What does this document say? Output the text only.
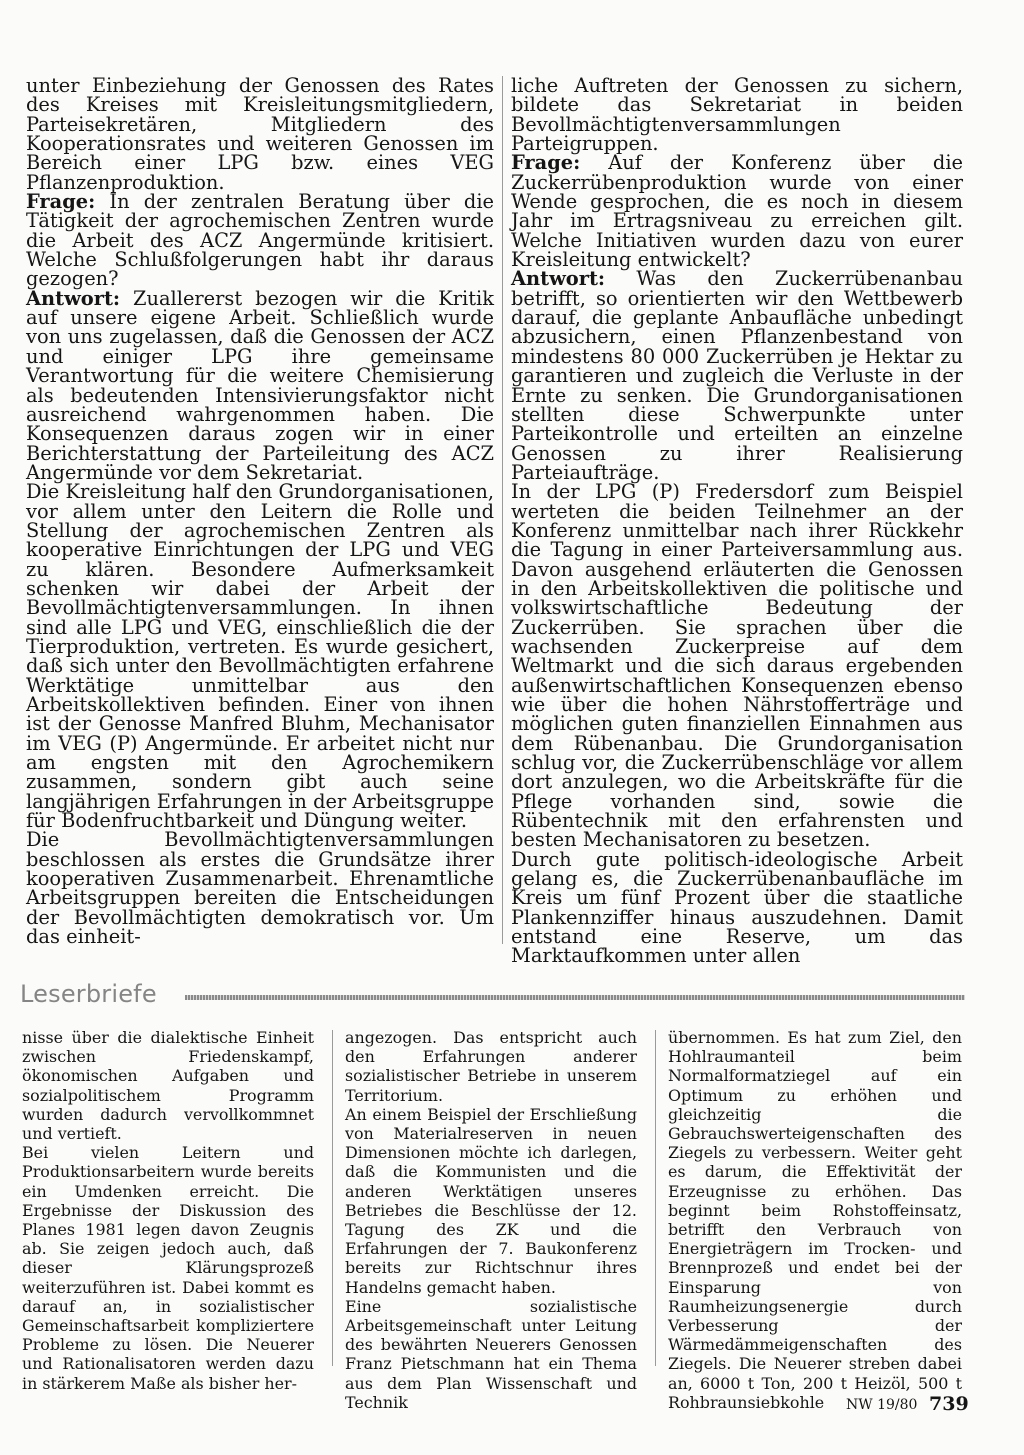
unter Einbeziehung der Genossen des Rates des Kreises mit Kreisleitungsmitgliedern, Parteisekretären, Mitgliedern des Kooperationsrates und weiteren Genossen im Bereich einer LPG bzw. eines VEG Pflanzenproduktion.

Frage: In der zentralen Beratung über die Tätigkeit der agrochemischen Zentren wurde die Arbeit des ACZ Angermünde kritisiert. Welche Schlußfolgerungen habt ihr daraus gezogen?

Antwort: Zuallererst bezogen wir die Kritik auf unsere eigene Arbeit. Schließlich wurde von uns zugelassen, daß die Genossen der ACZ und einiger LPG ihre gemeinsame Verantwortung für die weitere Chemisierung als bedeutenden Intensivierungsfaktor nicht ausreichend wahrgenommen haben. Die Konsequenzen daraus zogen wir in einer Berichterstattung der Parteileitung des ACZ Angermünde vor dem Sekretariat.

Die Kreisleitung half den Grundorganisationen, vor allem unter den Leitern die Rolle und Stellung der agrochemischen Zentren als kooperative Einrichtungen der LPG und VEG zu klären. Besondere Aufmerksamkeit schenken wir dabei der Arbeit der Bevollmächtigtenversammlungen. In ihnen sind alle LPG und VEG, einschließlich die der Tierproduktion, vertreten. Es wurde gesichert, daß sich unter den Bevollmächtigten erfahrene Werktätige unmittelbar aus den Arbeitskollektiven befinden. Einer von ihnen ist der Genosse Manfred Bluhm, Mechanisator im VEG (P) Angermünde. Er arbeitet nicht nur am engsten mit den Agrochemikern zusammen, sondern gibt auch seine langjährigen Erfahrungen in der Arbeitsgruppe für Bodenfruchtbarkeit und Düngung weiter.

Die Bevollmächtigtenversammlungen beschlossen als erstes die Grundsätze ihrer kooperativen Zusammenarbeit. Ehrenamtliche Arbeitsgruppen bereiten die Entscheidungen der Bevollmächtigten demokratisch vor. Um das einheit-

liche Auftreten der Genossen zu sichern, bildete das Sekretariat in beiden Bevollmächtigtenversammlungen Parteigruppen.

Frage: Auf der Konferenz über die Zuckerrübenproduktion wurde von einer Wende gesprochen, die es noch in diesem Jahr im Ertragsniveau zu erreichen gilt. Welche Initiativen wurden dazu von eurer Kreisleitung entwickelt?

Antwort: Was den Zuckerrübenanbau betrifft, so orientierten wir den Wettbewerb darauf, die geplante Anbaufläche unbedingt abzusichern, einen Pflanzenbestand von mindestens 80 000 Zuckerrüben je Hektar zu garantieren und zugleich die Verluste in der Ernte zu senken. Die Grundorganisationen stellten diese Schwerpunkte unter Parteikontrolle und erteilten an einzelne Genossen zu ihrer Realisierung Parteiaufträge.

In der LPG (P) Fredersdorf zum Beispiel werteten die beiden Teilnehmer an der Konferenz unmittelbar nach ihrer Rückkehr die Tagung in einer Parteiversammlung aus. Davon ausgehend erläuterten die Genossen in den Arbeitskollektiven die politische und volkswirtschaftliche Bedeutung der Zuckerrüben. Sie sprachen über die wachsenden Zuckerpreise auf dem Weltmarkt und die sich daraus ergebenden außenwirtschaftlichen Konsequenzen ebenso wie über die hohen Nährstofferträge und möglichen guten finanziellen Einnahmen aus dem Rübenanbau. Die Grundorganisation schlug vor, die Zuckerrübenschläge vor allem dort anzulegen, wo die Arbeitskräfte für die Pflege vorhanden sind, sowie die Rübentechnik mit den erfahrensten und besten Mechanisatoren zu besetzen.

Durch gute politisch-ideologische Arbeit gelang es, die Zuckerrübenanbaufläche im Kreis um fünf Prozent über die staatliche Plankennziffer hinaus auszudehnen. Damit entstand eine Reserve, um das Marktaufkommen unter allen

Leserbriefe

nisse über die dialektische Einheit zwischen Friedenskampf, ökonomischen Aufgaben und sozialpolitischem Programm wurden dadurch vervollkommnet und vertieft.

Bei vielen Leitern und Produktionsarbeitern wurde bereits ein Umdenken erreicht. Die Ergebnisse der Diskussion des Planes 1981 legen davon Zeugnis ab. Sie zeigen jedoch auch, daß dieser Klärungsprozeß weiterzuführen ist. Dabei kommt es darauf an, in sozialistischer Gemeinschaftsarbeit kompliziertere Probleme zu lösen. Die Neuerer und Rationalisatoren werden dazu in stärkerem Maße als bisher her-

angezogen. Das entspricht auch den Erfahrungen anderer sozialistischer Betriebe in unserem Territorium.

An einem Beispiel der Erschließung von Materialreserven in neuen Dimensionen möchte ich darlegen, daß die Kommunisten und die anderen Werktätigen unseres Betriebes die Beschlüsse der 12. Tagung des ZK und die Erfahrungen der 7. Baukonferenz bereits zur Richtschnur ihres Handelns gemacht haben.

Eine sozialistische Arbeitsgemeinschaft unter Leitung des bewährten Neuerers Genossen Franz Pietschmann hat ein Thema aus dem Plan Wissenschaft und Technik

übernommen. Es hat zum Ziel, den Hohlraumanteil beim Normalformatziegel auf ein Optimum zu erhöhen und gleichzeitig die Gebrauchswerteigenschaften des Ziegels zu verbessern. Weiter geht es darum, die Effektivität der Erzeugnisse zu erhöhen. Das beginnt beim Rohstoffeinsatz, betrifft den Verbrauch von Energieträgern im Trocken- und Brennprozeß und endet bei der Einsparung von Raumheizungsenergie durch Verbesserung der Wärmedämmeigenschaften des Ziegels. Die Neuerer streben dabei an, 6000 t Ton, 200 t Heizöl, 500 t Rohbraunsiebkohle	NW 19/80 739
